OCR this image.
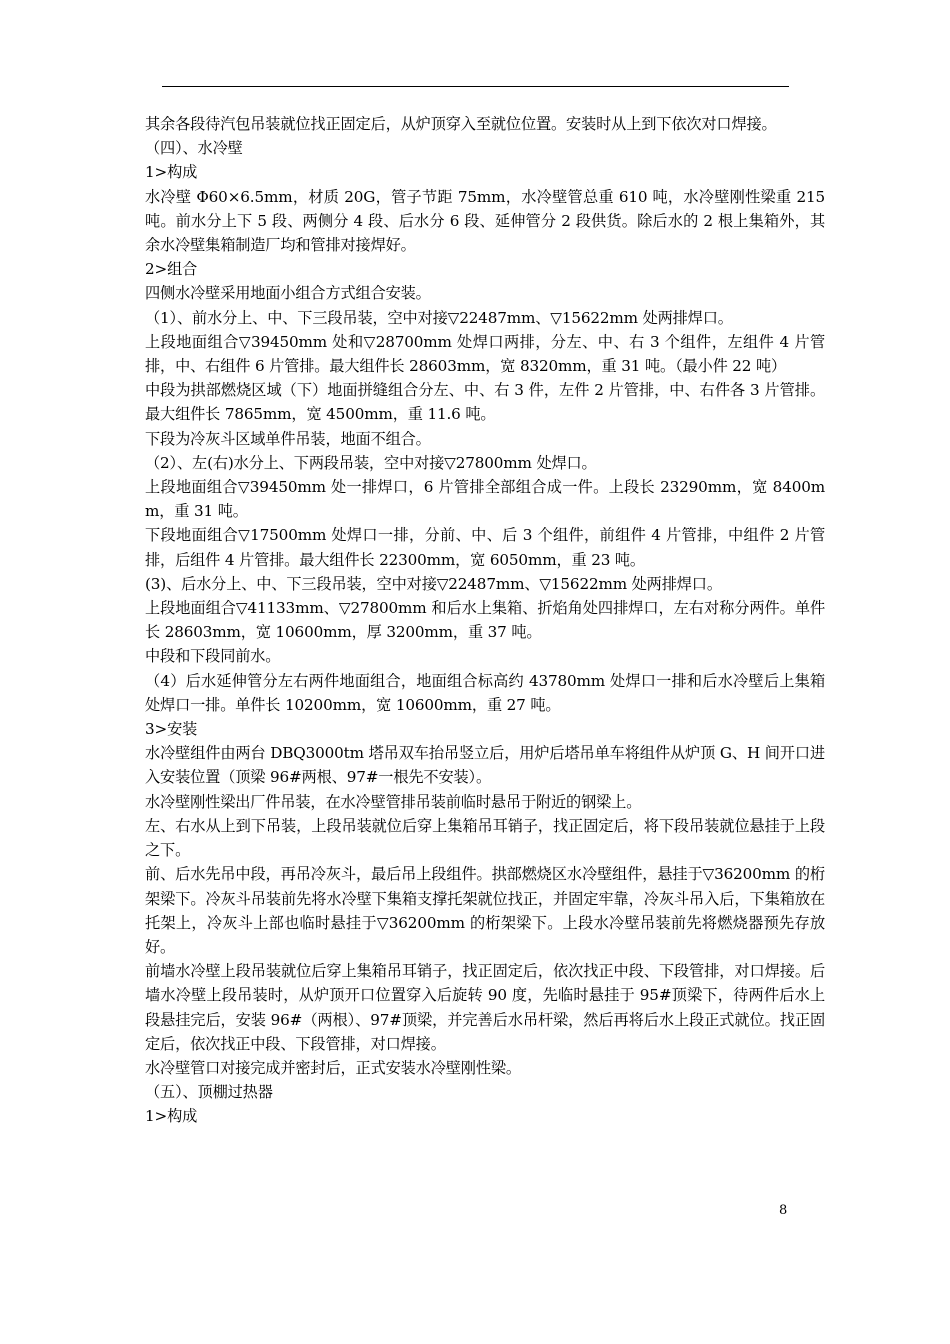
其余各段待汽包吊装就位找正固定后，从炉顶穿入至就位位置。安装时从上到下依次对口焊接。

（四）、水冷壁

1>构成

水冷壁 Φ60×6.5mm，材质 20G，管子节距 75mm，水冷壁管总重 610 吨，水冷壁刚性梁重 215 吨。前水分上下 5 段、两侧分 4 段、后水分 6 段、延伸管分 2 段供货。除后水的 2 根上集箱外，其余水冷壁集箱制造厂均和管排对接焊好。

2>组合

四侧水冷壁采用地面小组合方式组合安装。

（1）、前水分上、中、下三段吊装，空中对接▽22487mm、▽15622mm 处两排焊口。

上段地面组合▽39450mm 处和▽28700mm 处焊口两排，分左、中、右 3 个组件，左组件 4 片管排，中、右组件 6 片管排。最大组件长 28603mm，宽 8320mm，重 31 吨。（最小件 22 吨）

中段为拱部燃烧区域（下）地面拼缝组合分左、中、右 3 件，左件 2 片管排，中、右件各 3 片管排。最大组件长 7865mm，宽 4500mm，重 11.6 吨。

下段为冷灰斗区域单件吊装，地面不组合。

（2）、左(右)水分上、下两段吊装，空中对接▽27800mm 处焊口。

上段地面组合▽39450mm 处一排焊口，6 片管排全部组合成一件。上段长 23290mm，宽 8400mm，重 31 吨。

下段地面组合▽17500mm 处焊口一排，分前、中、后 3 个组件，前组件 4 片管排，中组件 2 片管排，后组件 4 片管排。最大组件长 22300mm，宽 6050mm，重 23 吨。

(3)、后水分上、中、下三段吊装，空中对接▽22487mm、▽15622mm 处两排焊口。

上段地面组合▽41133mm、▽27800mm 和后水上集箱、折焰角处四排焊口，左右对称分两件。单件长 28603mm，宽 10600mm，厚 3200mm，重 37 吨。

中段和下段同前水。

（4）后水延伸管分左右两件地面组合，地面组合标高约 43780mm 处焊口一排和后水冷壁后上集箱处焊口一排。单件长 10200mm，宽 10600mm，重 27 吨。

3>安装

水冷壁组件由两台 DBQ3000tm 塔吊双车抬吊竖立后，用炉后塔吊单车将组件从炉顶 G、H 间开口进入安装位置（顶梁 96#两根、97#一根先不安装）。

水冷壁刚性梁出厂件吊装，在水冷壁管排吊装前临时悬吊于附近的钢梁上。

左、右水从上到下吊装，上段吊装就位后穿上集箱吊耳销子，找正固定后，将下段吊装就位悬挂于上段之下。

前、后水先吊中段，再吊冷灰斗，最后吊上段组件。拱部燃烧区水冷壁组件，悬挂于▽36200mm 的桁架梁下。冷灰斗吊装前先将水冷壁下集箱支撑托架就位找正，并固定牢靠，冷灰斗吊入后，下集箱放在托架上，冷灰斗上部也临时悬挂于▽36200mm 的桁架梁下。上段水冷壁吊装前先将燃烧器预先存放好。

前墙水冷壁上段吊装就位后穿上集箱吊耳销子，找正固定后，依次找正中段、下段管排，对口焊接。后墙水冷壁上段吊装时，从炉顶开口位置穿入后旋转 90 度，先临时悬挂于 95#顶梁下，待两件后水上段悬挂完后，安装 96#（两根）、97#顶梁，并完善后水吊杆梁，然后再将后水上段正式就位。找正固定后，依次找正中段、下段管排，对口焊接。

水冷壁管口对接完成并密封后，正式安装水冷壁刚性梁。

（五）、顶棚过热器

1>构成

8
